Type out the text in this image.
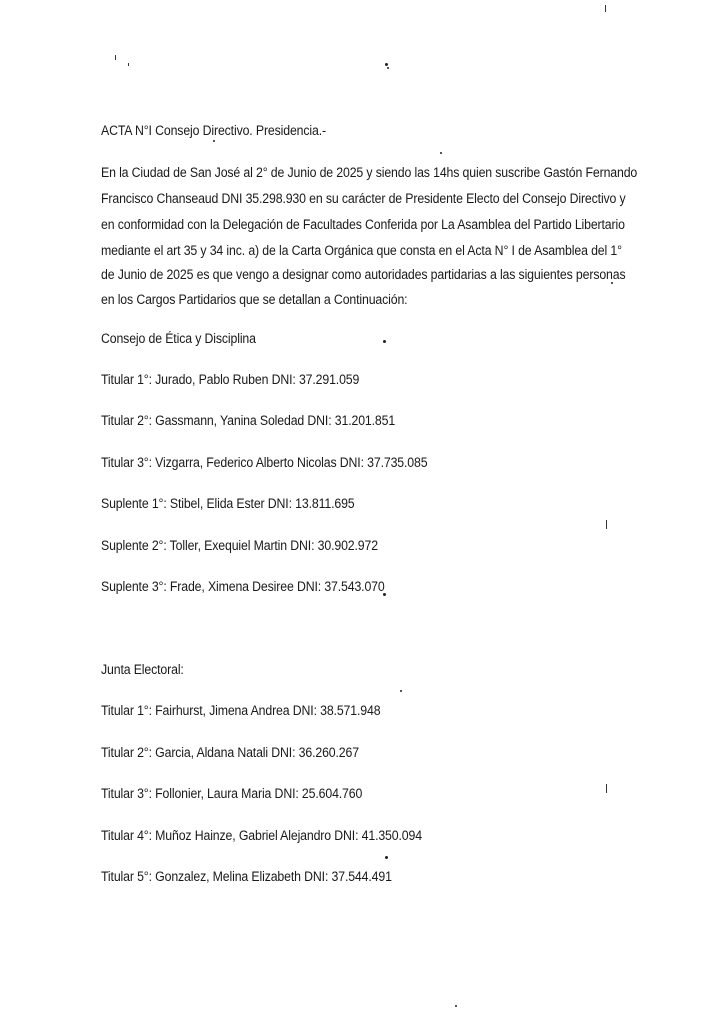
ACTA N°I Consejo Directivo. Presidencia.-
En la Ciudad de San José al 2° de Junio de 2025 y siendo las 14hs quien suscribe Gastón Fernando
Francisco Chanseaud DNI 35.298.930 en su carácter de Presidente Electo del Consejo Directivo y
en conformidad con la Delegación de Facultades Conferida por La Asamblea del Partido Libertario
mediante el art 35 y 34 inc. a) de la Carta Orgánica que consta en el Acta N° I de Asamblea del 1°
de Junio de 2025 es que vengo a designar como autoridades partidarias a las siguientes personas
en los Cargos Partidarios que se detallan a Continuación:
Consejo de Ética y Disciplina
Titular 1°: Jurado, Pablo Ruben DNI: 37.291.059
Titular 2°: Gassmann, Yanina Soledad DNI: 31.201.851
Titular 3°: Vizgarra, Federico Alberto Nicolas DNI: 37.735.085
Suplente 1°: Stibel, Elida Ester DNI: 13.811.695
Suplente 2°: Toller, Exequiel Martin DNI: 30.902.972
Suplente 3°: Frade, Ximena Desiree DNI: 37.543.070
Junta Electoral:
Titular 1°: Fairhurst, Jimena Andrea DNI: 38.571.948
Titular 2°: Garcia, Aldana Natali DNI: 36.260.267
Titular 3°: Follonier, Laura Maria DNI: 25.604.760
Titular 4°: Muñoz Hainze, Gabriel Alejandro DNI: 41.350.094
Titular 5°: Gonzalez, Melina Elizabeth DNI: 37.544.491
